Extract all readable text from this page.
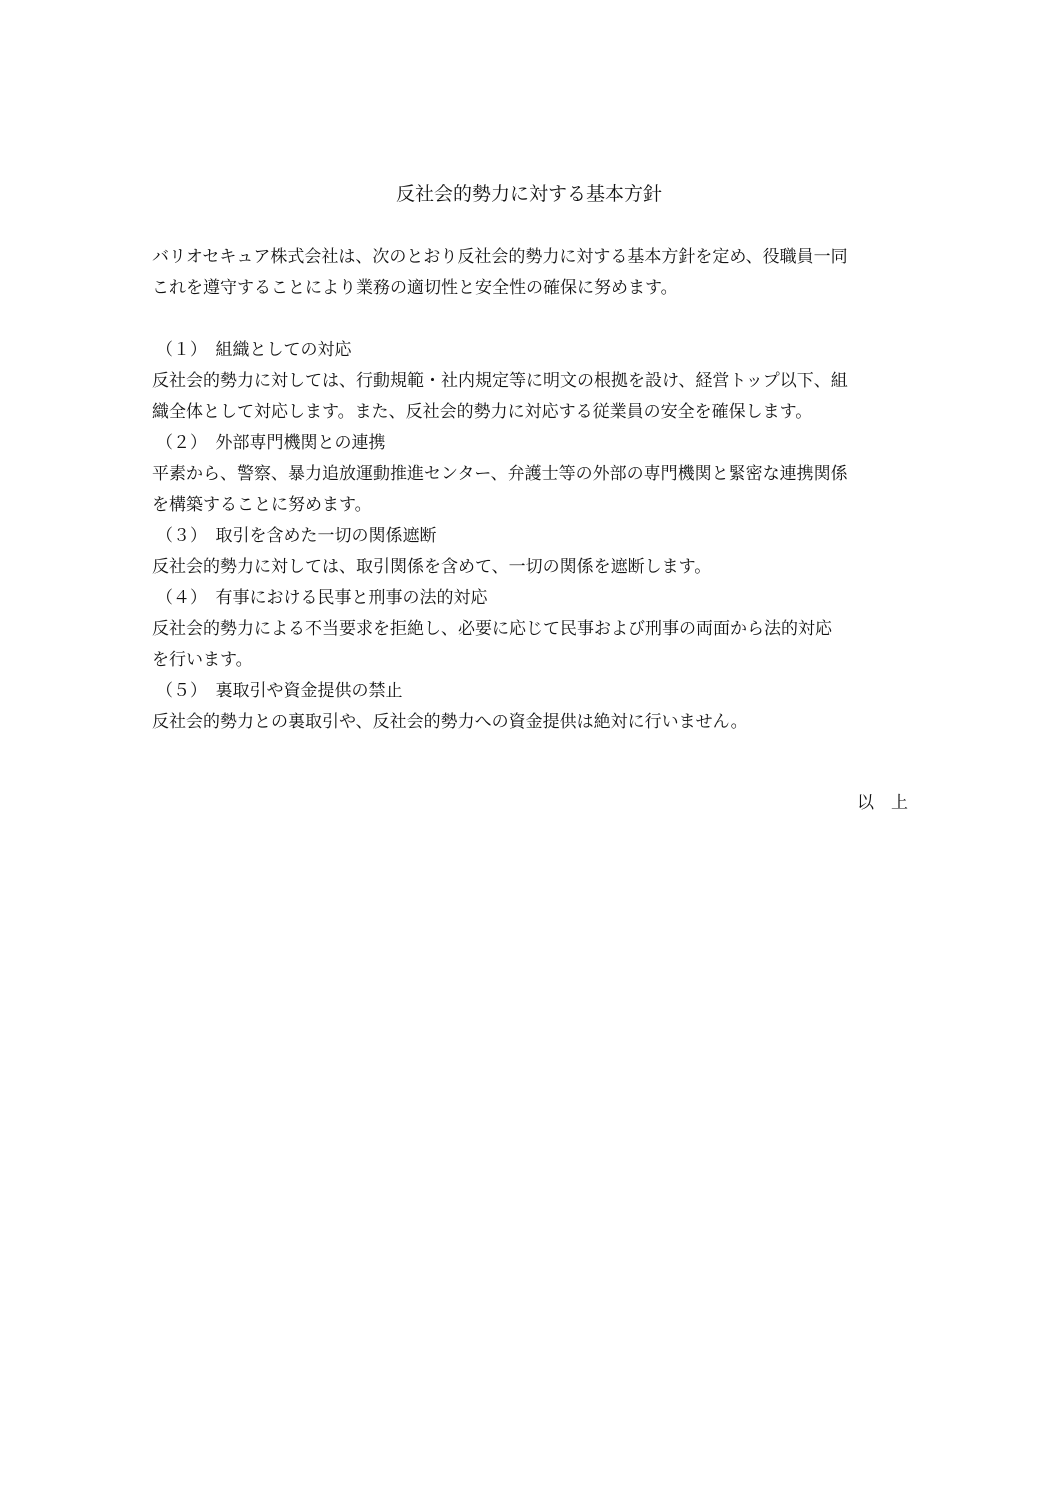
反社会的勢力に対する基本方針
バリオセキュア株式会社は、次のとおり反社会的勢力に対する基本方針を定め、役職員一同
これを遵守することにより業務の適切性と安全性の確保に努めます。
（１）　組織としての対応
反社会的勢力に対しては、行動規範・社内規定等に明文の根拠を設け、経営トップ以下、組
織全体として対応します。また、反社会的勢力に対応する従業員の安全を確保します。
（２）　外部専門機関との連携
平素から、警察、暴力追放運動推進センター、弁護士等の外部の専門機関と緊密な連携関係
を構築することに努めます。
（３）　取引を含めた一切の関係遮断
反社会的勢力に対しては、取引関係を含めて、一切の関係を遮断します。
（４）　有事における民事と刑事の法的対応
反社会的勢力による不当要求を拒絶し、必要に応じて民事および刑事の両面から法的対応
を行います。
（５）　裏取引や資金提供の禁止
反社会的勢力との裏取引や、反社会的勢力への資金提供は絶対に行いません。
以　上
